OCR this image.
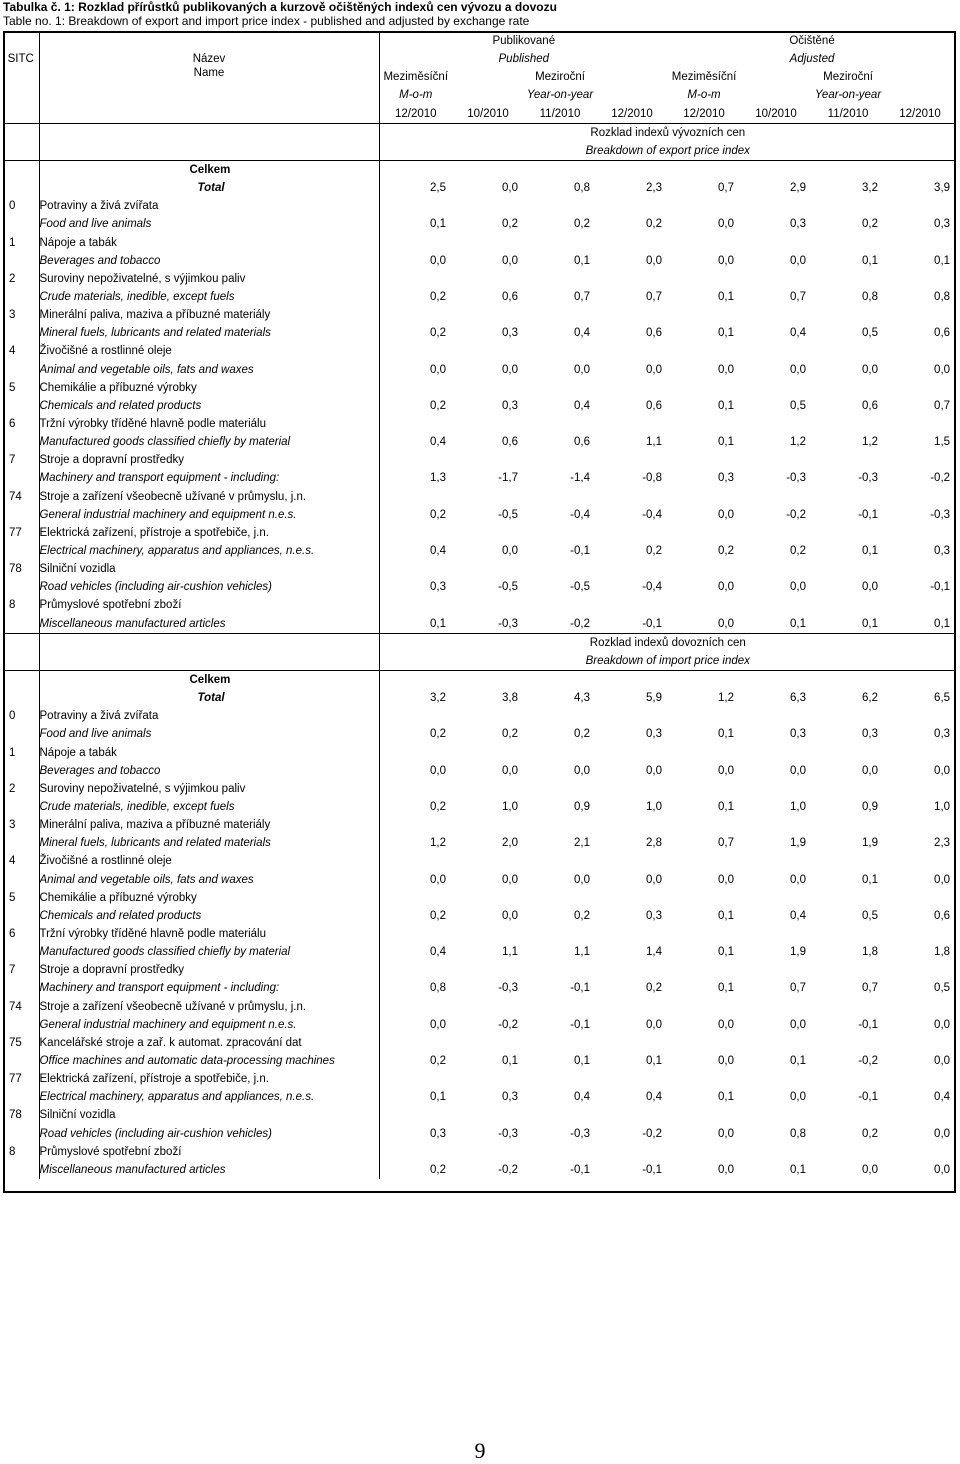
Tabulka č. 1: Rozklad přírůstků publikovaných a kurzově očištěných indexů cen vývozu a dovozu
Table no. 1: Breakdown of export and import price index - published and adjusted by exchange rate
		Publikované				Očištěné			
SITC	Název	Published				Adjusted			
	Name	Meziměsíční	Meziroční			Meziměsíční	Meziroční		
		M-o-m	Year-on-year			M-o-m	Year-on-year		
		12/2010	10/2010	11/2010	12/2010	12/2010	10/2010	11/2010	12/2010
		Rozklad indexů vývozních cen							
		Breakdown of export price index							
	Celkem								
	Total	2,5	0,0	0,8	2,3	0,7	2,9	3,2	3,9
0	Potraviny a živá zvířata								
	Food and live animals	0,1	0,2	0,2	0,2	0,0	0,3	0,2	0,3
1	Nápoje a tabák								
	Beverages and tobacco	0,0	0,0	0,1	0,0	0,0	0,0	0,1	0,1
2	Suroviny nepoživatelné, s výjimkou paliv								
	Crude materials, inedible, except fuels	0,2	0,6	0,7	0,7	0,1	0,7	0,8	0,8
3	Minerální paliva, maziva a příbuzné materiály								
	Mineral fuels, lubricants and related materials	0,2	0,3	0,4	0,6	0,1	0,4	0,5	0,6
4	Živočišné a rostlinné oleje								
	Animal and vegetable oils, fats and waxes	0,0	0,0	0,0	0,0	0,0	0,0	0,0	0,0
5	Chemikálie a příbuzné výrobky								
	Chemicals and related products	0,2	0,3	0,4	0,6	0,1	0,5	0,6	0,7
6	Tržní výrobky tříděné hlavně podle materiálu								
	Manufactured goods classified chiefly by material	0,4	0,6	0,6	1,1	0,1	1,2	1,2	1,5
7	Stroje a dopravní prostředky								
	Machinery and transport equipment - including:	1,3	-1,7	-1,4	-0,8	0,3	-0,3	-0,3	-0,2
74	Stroje a zařízení všeobecně užívané v průmyslu, j.n.								
	General industrial machinery and equipment n.e.s.	0,2	-0,5	-0,4	-0,4	0,0	-0,2	-0,1	-0,3
77	Elektrická zařízení, přístroje a spotřebiče, j.n.								
	Electrical machinery, apparatus and appliances, n.e.s.	0,4	0,0	-0,1	0,2	0,2	0,2	0,1	0,3
78	Silniční vozidla								
	Road vehicles (including air-cushion vehicles)	0,3	-0,5	-0,5	-0,4	0,0	0,0	0,0	-0,1
8	Průmyslové spotřební zboží								
	Miscellaneous manufactured articles	0,1	-0,3	-0,2	-0,1	0,0	0,1	0,1	0,1
		Rozklad indexů dovozních cen							
		Breakdown of import price index							
	Celkem								
	Total	3,2	3,8	4,3	5,9	1,2	6,3	6,2	6,5
0	Potraviny a živá zvířata								
	Food and live animals	0,2	0,2	0,2	0,3	0,1	0,3	0,3	0,3
1	Nápoje a tabák								
	Beverages and tobacco	0,0	0,0	0,0	0,0	0,0	0,0	0,0	0,0
2	Suroviny nepoživatelné, s výjimkou paliv								
	Crude materials, inedible, except fuels	0,2	1,0	0,9	1,0	0,1	1,0	0,9	1,0
3	Minerální paliva, maziva a příbuzné materiály								
	Mineral fuels, lubricants and related materials	1,2	2,0	2,1	2,8	0,7	1,9	1,9	2,3
4	Živočišné a rostlinné oleje								
	Animal and vegetable oils, fats and waxes	0,0	0,0	0,0	0,0	0,0	0,0	0,1	0,0
5	Chemikálie a příbuzné výrobky								
	Chemicals and related products	0,2	0,0	0,2	0,3	0,1	0,4	0,5	0,6
6	Tržní výrobky tříděné hlavně podle materiálu								
	Manufactured goods classified chiefly by material	0,4	1,1	1,1	1,4	0,1	1,9	1,8	1,8
7	Stroje a dopravní prostředky								
	Machinery and transport equipment - including:	0,8	-0,3	-0,1	0,2	0,1	0,7	0,7	0,5
74	Stroje a zařízení všeobecně užívané v průmyslu, j.n.								
	General industrial machinery and equipment n.e.s.	0,0	-0,2	-0,1	0,0	0,0	0,0	-0,1	0,0
75	Kancelářské stroje a zař. k automat. zpracování dat								
	Office machines and automatic data-processing machines	0,2	0,1	0,1	0,1	0,0	0,1	-0,2	0,0
77	Elektrická zařízení, přístroje a spotřebiče, j.n.								
	Electrical machinery, apparatus and appliances, n.e.s.	0,1	0,3	0,4	0,4	0,1	0,0	-0,1	0,4
78	Silniční vozidla								
	Road vehicles (including air-cushion vehicles)	0,3	-0,3	-0,3	-0,2	0,0	0,8	0,2	0,0
8	Průmyslové spotřební zboží								
	Miscellaneous manufactured articles	0,2	-0,2	-0,1	-0,1	0,0	0,1	0,0	0,0
9
